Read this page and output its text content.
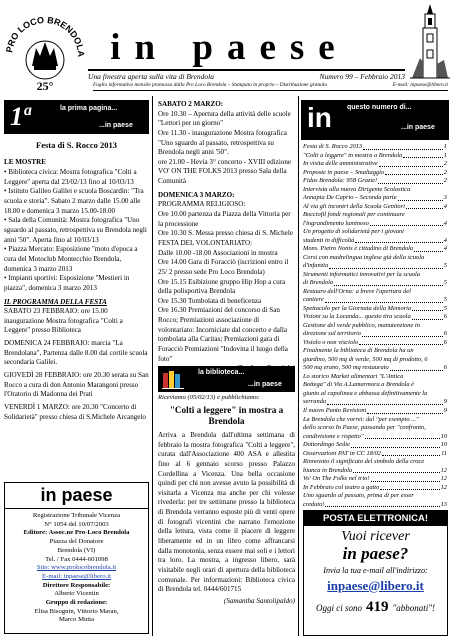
PRO LOCO BRENDOLA
25°
in paese
Una finestra aperta sulla vita di Brendola	Numero 99 – Febbraio 2013
Foglio informativo mensile promosso dalla Pro Loco Brendola – Stampato in proprio – Distribuzione gratuita	E-mail: inpaese@libero.it
1ª	la prima pagina...
...in paese

Festa di S. Rocco 2013

LE MOSTRE

• Biblioteca civica: Mostra fotografica "Colti a Leggere" aperta dal 23/02/13 fino al 10/03/13

• Istituto Galileo Galilei e scuola Boscardin: "Tra scuola e storia". Sabato 2 marzo dalle 15.00 alle 18.00 e domenica 3 marzo 15.00-18.00

• Sala della Comunità: Mostra fotografica "Uno sguardo al passato, retrospettiva su Brendola negli anni '50". Aperta fino al 10/03/13

• Piazza Mercato: Esposizione "moto d'epoca a cura del Motoclub Montecchio Brendola, domenica 3 marzo 2013

• Impianti sportivi: Esposizione "Mestieri in piazza", domenica 3 marzo 2013

IL PROGRAMMA DELLA FESTA

SABATO 23 FEBBRAIO: ore 15.00 inaugurazione Mostra fotografica "Colti a Leggere" presso Biblioteca

DOMENICA 24 FEBBRAIO: marcia "La Brendolana", Partenza dalle 8.00 dal cortile scuola secondaria Galilei.

GIOVEDÌ 28 FEBBRAIO: ore 20.30 serata su San Rocco a cura di don Antonio Marangoni presso l'Oratorio di Madonna dei Prati

VENERDÌ 1 MARZO: ore 20.30 "Concerto di Solidarietà" presso chiesa di S.Michele Arcangelo

in paese

Registrazione Tribunale Vicenza

N° 1054 del 10/07/2003

Editore: Assoc.ne Pro-Loco Brendola

Piazza del Donatore

Brendola (VI)

Tel. / Fax 0444-601098

Sito: www.prolocobrendola.it

E-mail: inpaese@libero.it

Direttore Responsabile:

Alberto Vicentin

Gruppo di redazione:

Elisa Bisognin, Vittorio Maran,

Marco Mutta

SABATO 2 MARZO:

Ore 10.30 – Apertura della attività delle scuole "Lettori per un giorno"

Ore 11.30 - inaugurazione Mostra fotografica "Uno sguardo al passato, retrospettiva su Brendola negli anni '50".

ore 21.00 - Hevia 3° concerto - XVIII edizione VO' ON THE FOLKS 2013 presso Sala della Comunità

DOMENICA 3 MARZO:

PROGRAMMA RELIGIOSO:

Ore 10.00 partenza da Piazza della Vittoria per la processione

Ore 10.30 S. Messa presso chiesa di S. Michele

FESTA DEL VOLONTARIATO:

Dalle 10.00 -18.00 Associazioni in mostra

Ore 14.00 Gara di Foracciò (iscrizioni entro il 25/ 2 presso sede Pro Loco Brendola)

Ore 15.15 Esibizione gruppo Hip Hop a cura della polisportiva Brendola

Ore 15.30 Tombolata di beneficenza

Ore 16.30 Premiazioni del concorso di San Rocco; Premiazioni associazione di volontariato: Incorniciate dal concerto e dalla tombolata alla Caritas; Premiazioni gara di Foracciò Premiazioni "Indovina il luogo della foto"

la biblioteca...
...in paese

Riceviamo (05/02/13) e pubblichiamo:

"Colti a leggere" in mostra a Brendola

Arriva a Brendola dall'ultima settimana di febbraio la mostra fotografica "Colti a leggere", curata dall'Associazione 400 ASA e allestita fino al 6 gennaio scorso presso Palazzo Cordellina a Vicenza. Una bella occasione quindi per chi non avesse avuto la possibilità di visitarla a Vicenza ma anche per chi volesse rivederla: per tre settimane presso la biblioteca di Brendola verranno esposte più di venti opere di fotografi vicentini che narrano l'emozione della lettura, vista come il piacere di leggere liberamente ed in un libro come affrancarsi dalla monotonia, senza essere mai soli e i lettori tra loro. La mostra, a ingresso libero, sarà visitabile negli orari di apertura della biblioteca comunale. Per informazioni: Biblioteca civica di Brendola tel. 0444/601715

(Samantha Santolipaldo)

in questo numero di...
...in paese
Festa di S. Rocco 2013	1
"Colti a leggere" in mostra a Brendola	1
In visita delle amministrative	2
Proposte in paese – Smaltaggio	2
Fidas Brendola: 958 Grazie!	2
Intervista alla nuova Dirigente Scolastica
Annapia De Caprio – Seconda parte	3
Al via gli incontri della Scuola Genitori	4
Bocciofil fondi regionali per continuare
l'ingrandimento luminoso	4
Un progetto di solidarietà per i giovani
studenti in difficoltà	4
Mons. Pietro Nonis è cittadino di Brendola	4
Corsi con madrelingua inglese già della scuola
d'infanzia	5
Strumenti informatici innovativi per la scuola
di Brendola	5
Restauro dell'Orna: a breve l'apertura del
cantiere	5
Spettacolo per la Giornata della Memoria	5
Visioni su la Locanda... questo tira scuola	6
Gestione del verde pubblico, manutenzione in
direzione sul territorio	6
Visiolo o non visciolo	6
Finalmente la biblioteca di Brendola ha un
giardino, 500 mq di verde, 500 mq di prodotto, 6
500 mq erano, 500 mq restaurato	6
Lo storico Market alimentari "L'Antica
Bottega" di Via A.Lamarmora a Brendola è
giunto al capolinea e abbassa definitivamente la
serranda	9
Il nuovo Punto Revisioni	9
La Brendola che vorrei: dal "per esempio ..."
dello scorso In Paese, passando per "confronto,
condivisione e rispetto"	10
Dottordingo Sedie	10
Osservazioni PAT in CC 18/02	11
Rinnovato il significato del simbolo della croce
bianca in Brendola	12
Vo' On The Folks nel trio!	12
In Febbraio col teatro a gatto	12
Uno sguardo al passato, prima di per esser
creduto!	13
POSTA ELETTRONICA!
Vuoi ricever
in paese?
Invia la tua e-mail all'indirizzo:
inpaese@libero.it
Oggi ci sono 419 "abbonati"!
